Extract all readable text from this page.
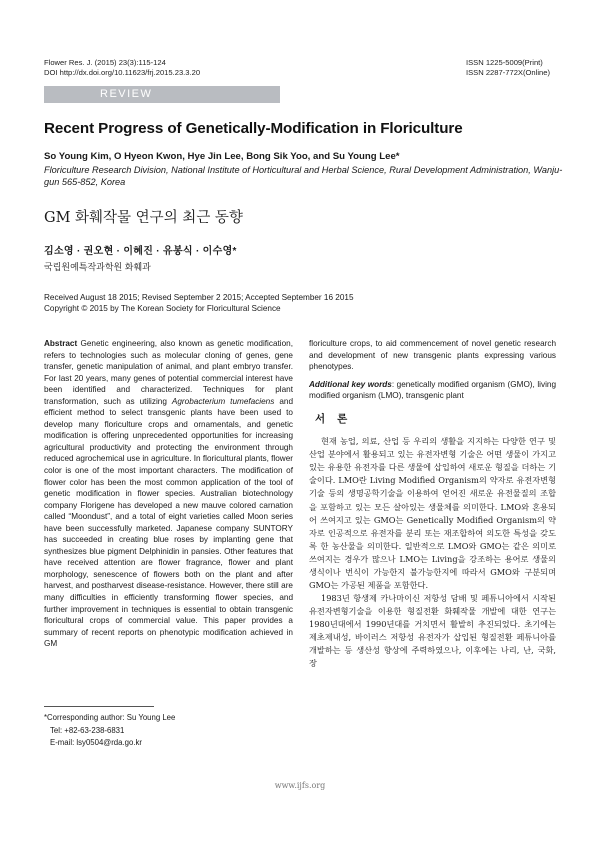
Flower Res. J. (2015) 23(3):115-124
DOI http://dx.doi.org/10.11623/frj.2015.23.3.20
ISSN 1225-5009(Print)
ISSN 2287-772X(Online)
REVIEW
Recent Progress of Genetically-Modification in Floriculture
So Young Kim, O Hyeon Kwon, Hye Jin Lee, Bong Sik Yoo, and Su Young Lee*
Floriculture Research Division, National Institute of Horticultural and Herbal Science, Rural Development Administration, Wanju-gun 565-852, Korea
GM 화훼작물 연구의 최근 동향
김소영 · 권오현 · 이혜진 · 유봉식 · 이수영*
국립원예특작과학원 화훼과
Received August 18 2015; Revised September 2 2015; Accepted September 16 2015
Copyright © 2015 by The Korean Society for Floricultural Science

Abstract Genetic engineering, also known as genetic modification, refers to technologies such as molecular cloning of genes, gene transfer, genetic manipulation of animal, and plant embryo transfer. For last 20 years, many genes of potential commercial interest have been identified and characterized. Techniques for plant transformation, such as utilizing Agrobacterium tumefaciens and efficient method to select transgenic plants have been used to develop many floriculture crops and ornamentals, and genetic modification is offering unprecedented opportunities for increasing agricultural productivity and protecting the environment through reduced agrochemical use in agriculture. In floricultural plants, flower color is one of the most important characters. The modification of flower color has been the most common application of the tool of genetic modification in flower species. Australian biotechnology company Florigene has developed a new mauve colored carnation called “Moondust”, and a total of eight varieties called Moon series have been successfully marketed. Japanese company SUNTORY has succeeded in creating blue roses by implanting gene that synthesizes blue pigment Delphinidin in pansies. Other features that have received attention are flower fragrance, flower and plant morphology, senescence of flowers both on the plant and after harvest, and postharvest disease-resistance. However, there still are many difficulties in efficiently transforming flower species, and further improvement in techniques is essential to obtain transgenic floricultural crops of commercial value. This paper provides a summary of recent reports on phenotypic modification achieved in GM

floriculture crops, to aid commencement of novel genetic research and development of new transgenic plants expressing various phenotypes.

Additional key words: genetically modified organism (GMO), living modified organism (LMO), transgenic plant

서론

현재 농업, 의료, 산업 등 우리의 생활을 지지하는 다양한 연구 및 산업 분야에서 활용되고 있는 유전자변형 기술은 어떤 생물이 가지고 있는 유용한 유전자를 다른 생물에 삽입하여 새로운 형질을 더하는 기술이다. LMO란 Living Modified Organism의 약자로 유전자변형기술 등의 생명공학기술을 이용하여 얻어진 새로운 유전물질의 조합을 포함하고 있는 모든 살아있는 생물체를 의미한다. LMO와 혼용되어 쓰여지고 있는 GMO는 Genetically Modified Organism의 약자로 인공적으로 유전자를 분리 또는 재조합하여 의도한 특성을 갖도록 한 농산물을 의미한다. 일반적으로 LMO와 GMO는 같은 의미로 쓰여지는 경우가 많으나 LMO는 Living을 강조하는 용어로 생물의 생식이나 번식이 가능한지 불가능한지에 따라서 GMO와 구분되며 GMO는 가공된 제품을 포함한다.

1983년 항생제 카나마이신 저항성 담배 및 페튜니아에서 시작된 유전자변형기술을 이용한 형질전환 화훼작물 개발에 대한 연구는 1980년대에서 1990년대를 거치면서 활발히 추진되었다. 초기에는 제초제내성, 바이러스 저항성 유전자가 삽입된 형질전환 페튜니아를 개발하는 등 생산성 향상에 주력하였으나, 이후에는 나리, 난, 국화, 장

*Corresponding author: Su Young Lee
Tel: +82-63-238-6831
E-mail: lsy0504@rda.go.kr
www.ijfs.org
